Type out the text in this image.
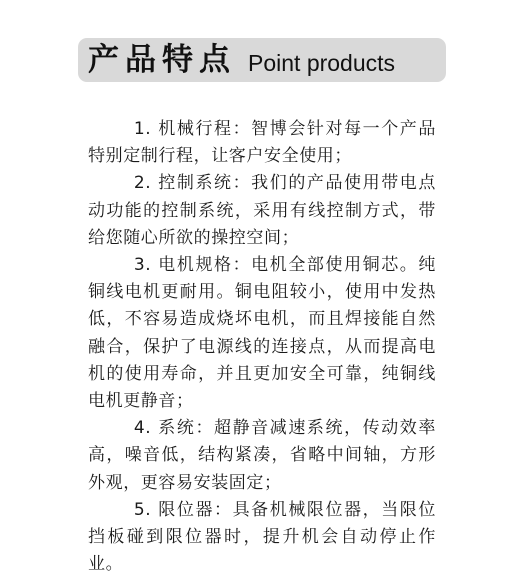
产品特点 Point products

1. 机械行程：智博会针对每一个产品特别定制行程，让客户安全使用；

2. 控制系统：我们的产品使用带电点动功能的控制系统，采用有线控制方式，带给您随心所欲的操控空间；

3. 电机规格：电机全部使用铜芯。纯铜线电机更耐用。铜电阻较小，使用中发热低，不容易造成烧坏电机，而且焊接能自然融合，保护了电源线的连接点，从而提高电机的使用寿命，并且更加安全可靠，纯铜线电机更静音；

4. 系统：超静音减速系统，传动效率高，噪音低，结构紧凑，省略中间轴，方形外观，更容易安装固定；

5. 限位器：具备机械限位器，当限位挡板碰到限位器时，提升机会自动停止作业。
